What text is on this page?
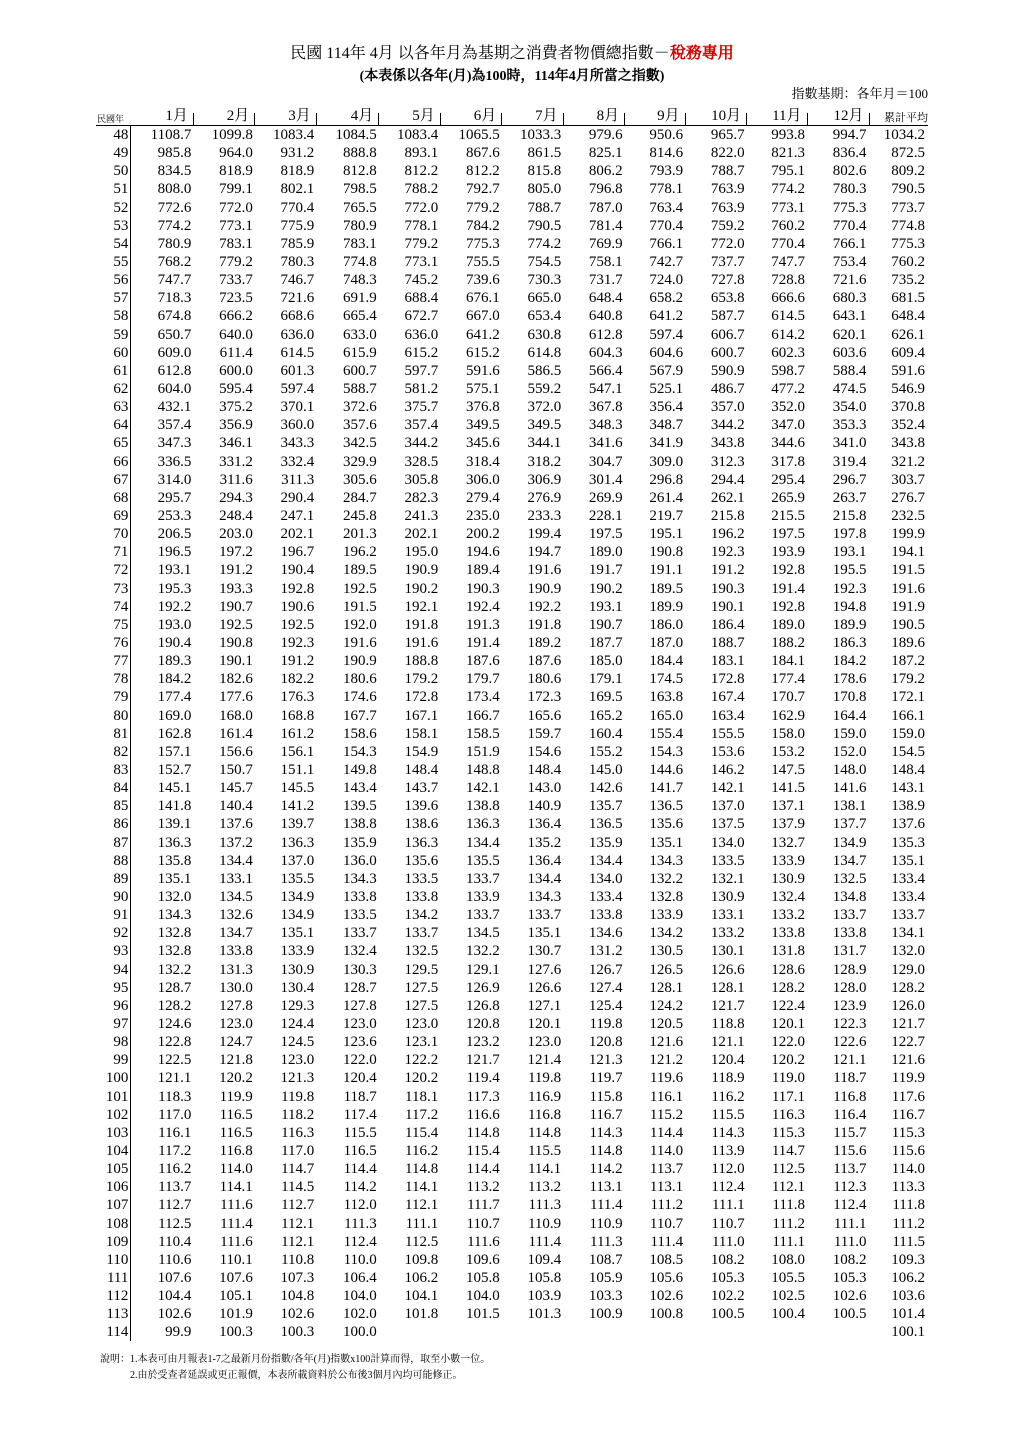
民國 114年 4月 以各年月為基期之消費者物價總指數－稅務專用
(本表係以各年(月)為100時，114年4月所當之指數)
指數基期：各年月＝100
民國年	1月	2月	3月	4月	5月	6月	7月	8月	9月	10月	11月	12月	累計平均
48	1108.7	1099.8	1083.4	1084.5	1083.4	1065.5	1033.3	979.6	950.6	965.7	993.8	994.7	1034.2
49	985.8	964.0	931.2	888.8	893.1	867.6	861.5	825.1	814.6	822.0	821.3	836.4	872.5
50	834.5	818.9	818.9	812.8	812.2	812.2	815.8	806.2	793.9	788.7	795.1	802.6	809.2
51	808.0	799.1	802.1	798.5	788.2	792.7	805.0	796.8	778.1	763.9	774.2	780.3	790.5
52	772.6	772.0	770.4	765.5	772.0	779.2	788.7	787.0	763.4	763.9	773.1	775.3	773.7
53	774.2	773.1	775.9	780.9	778.1	784.2	790.5	781.4	770.4	759.2	760.2	770.4	774.8
54	780.9	783.1	785.9	783.1	779.2	775.3	774.2	769.9	766.1	772.0	770.4	766.1	775.3
55	768.2	779.2	780.3	774.8	773.1	755.5	754.5	758.1	742.7	737.7	747.7	753.4	760.2
56	747.7	733.7	746.7	748.3	745.2	739.6	730.3	731.7	724.0	727.8	728.8	721.6	735.2
57	718.3	723.5	721.6	691.9	688.4	676.1	665.0	648.4	658.2	653.8	666.6	680.3	681.5
58	674.8	666.2	668.6	665.4	672.7	667.0	653.4	640.8	641.2	587.7	614.5	643.1	648.4
59	650.7	640.0	636.0	633.0	636.0	641.2	630.8	612.8	597.4	606.7	614.2	620.1	626.1
60	609.0	611.4	614.5	615.9	615.2	615.2	614.8	604.3	604.6	600.7	602.3	603.6	609.4
61	612.8	600.0	601.3	600.7	597.7	591.6	586.5	566.4	567.9	590.9	598.7	588.4	591.6
62	604.0	595.4	597.4	588.7	581.2	575.1	559.2	547.1	525.1	486.7	477.2	474.5	546.9
63	432.1	375.2	370.1	372.6	375.7	376.8	372.0	367.8	356.4	357.0	352.0	354.0	370.8
64	357.4	356.9	360.0	357.6	357.4	349.5	349.5	348.3	348.7	344.2	347.0	353.3	352.4
65	347.3	346.1	343.3	342.5	344.2	345.6	344.1	341.6	341.9	343.8	344.6	341.0	343.8
66	336.5	331.2	332.4	329.9	328.5	318.4	318.2	304.7	309.0	312.3	317.8	319.4	321.2
67	314.0	311.6	311.3	305.6	305.8	306.0	306.9	301.4	296.8	294.4	295.4	296.7	303.7
68	295.7	294.3	290.4	284.7	282.3	279.4	276.9	269.9	261.4	262.1	265.9	263.7	276.7
69	253.3	248.4	247.1	245.8	241.3	235.0	233.3	228.1	219.7	215.8	215.5	215.8	232.5
70	206.5	203.0	202.1	201.3	202.1	200.2	199.4	197.5	195.1	196.2	197.5	197.8	199.9
71	196.5	197.2	196.7	196.2	195.0	194.6	194.7	189.0	190.8	192.3	193.9	193.1	194.1
72	193.1	191.2	190.4	189.5	190.9	189.4	191.6	191.7	191.1	191.2	192.8	195.5	191.5
73	195.3	193.3	192.8	192.5	190.2	190.3	190.9	190.2	189.5	190.3	191.4	192.3	191.6
74	192.2	190.7	190.6	191.5	192.1	192.4	192.2	193.1	189.9	190.1	192.8	194.8	191.9
75	193.0	192.5	192.5	192.0	191.8	191.3	191.8	190.7	186.0	186.4	189.0	189.9	190.5
76	190.4	190.8	192.3	191.6	191.6	191.4	189.2	187.7	187.0	188.7	188.2	186.3	189.6
77	189.3	190.1	191.2	190.9	188.8	187.6	187.6	185.0	184.4	183.1	184.1	184.2	187.2
78	184.2	182.6	182.2	180.6	179.2	179.7	180.6	179.1	174.5	172.8	177.4	178.6	179.2
79	177.4	177.6	176.3	174.6	172.8	173.4	172.3	169.5	163.8	167.4	170.7	170.8	172.1
80	169.0	168.0	168.8	167.7	167.1	166.7	165.6	165.2	165.0	163.4	162.9	164.4	166.1
81	162.8	161.4	161.2	158.6	158.1	158.5	159.7	160.4	155.4	155.5	158.0	159.0	159.0
82	157.1	156.6	156.1	154.3	154.9	151.9	154.6	155.2	154.3	153.6	153.2	152.0	154.5
83	152.7	150.7	151.1	149.8	148.4	148.8	148.4	145.0	144.6	146.2	147.5	148.0	148.4
84	145.1	145.7	145.5	143.4	143.7	142.1	143.0	142.6	141.7	142.1	141.5	141.6	143.1
85	141.8	140.4	141.2	139.5	139.6	138.8	140.9	135.7	136.5	137.0	137.1	138.1	138.9
86	139.1	137.6	139.7	138.8	138.6	136.3	136.4	136.5	135.6	137.5	137.9	137.7	137.6
87	136.3	137.2	136.3	135.9	136.3	134.4	135.2	135.9	135.1	134.0	132.7	134.9	135.3
88	135.8	134.4	137.0	136.0	135.6	135.5	136.4	134.4	134.3	133.5	133.9	134.7	135.1
89	135.1	133.1	135.5	134.3	133.5	133.7	134.4	134.0	132.2	132.1	130.9	132.5	133.4
90	132.0	134.5	134.9	133.8	133.8	133.9	134.3	133.4	132.8	130.9	132.4	134.8	133.4
91	134.3	132.6	134.9	133.5	134.2	133.7	133.7	133.8	133.9	133.1	133.2	133.7	133.7
92	132.8	134.7	135.1	133.7	133.7	134.5	135.1	134.6	134.2	133.2	133.8	133.8	134.1
93	132.8	133.8	133.9	132.4	132.5	132.2	130.7	131.2	130.5	130.1	131.8	131.7	132.0
94	132.2	131.3	130.9	130.3	129.5	129.1	127.6	126.7	126.5	126.6	128.6	128.9	129.0
95	128.7	130.0	130.4	128.7	127.5	126.9	126.6	127.4	128.1	128.1	128.2	128.0	128.2
96	128.2	127.8	129.3	127.8	127.5	126.8	127.1	125.4	124.2	121.7	122.4	123.9	126.0
97	124.6	123.0	124.4	123.0	123.0	120.8	120.1	119.8	120.5	118.8	120.1	122.3	121.7
98	122.8	124.7	124.5	123.6	123.1	123.2	123.0	120.8	121.6	121.1	122.0	122.6	122.7
99	122.5	121.8	123.0	122.0	122.2	121.7	121.4	121.3	121.2	120.4	120.2	121.1	121.6
100	121.1	120.2	121.3	120.4	120.2	119.4	119.8	119.7	119.6	118.9	119.0	118.7	119.9
101	118.3	119.9	119.8	118.7	118.1	117.3	116.9	115.8	116.1	116.2	117.1	116.8	117.6
102	117.0	116.5	118.2	117.4	117.2	116.6	116.8	116.7	115.2	115.5	116.3	116.4	116.7
103	116.1	116.5	116.3	115.5	115.4	114.8	114.8	114.3	114.4	114.3	115.3	115.7	115.3
104	117.2	116.8	117.0	116.5	116.2	115.4	115.5	114.8	114.0	113.9	114.7	115.6	115.6
105	116.2	114.0	114.7	114.4	114.8	114.4	114.1	114.2	113.7	112.0	112.5	113.7	114.0
106	113.7	114.1	114.5	114.2	114.1	113.2	113.2	113.1	113.1	112.4	112.1	112.3	113.3
107	112.7	111.6	112.7	112.0	112.1	111.7	111.3	111.4	111.2	111.1	111.8	112.4	111.8
108	112.5	111.4	112.1	111.3	111.1	110.7	110.9	110.9	110.7	110.7	111.2	111.1	111.2
109	110.4	111.6	112.1	112.4	112.5	111.6	111.4	111.3	111.4	111.0	111.1	111.0	111.5
110	110.6	110.1	110.8	110.0	109.8	109.6	109.4	108.7	108.5	108.2	108.0	108.2	109.3
111	107.6	107.6	107.3	106.4	106.2	105.8	105.8	105.9	105.6	105.3	105.5	105.3	106.2
112	104.4	105.1	104.8	104.0	104.1	104.0	103.9	103.3	102.6	102.2	102.5	102.6	103.6
113	102.6	101.9	102.6	102.0	101.8	101.5	101.3	100.9	100.8	100.5	100.4	100.5	101.4
114	99.9	100.3	100.3	100.0									100.1
說明：1.本表可由月報表1-7之最新月份指數/各年(月)指數x100計算而得，取至小數一位。
2.由於受查者延誤或更正報價，本表所載資料於公布後3個月內均可能修正。
